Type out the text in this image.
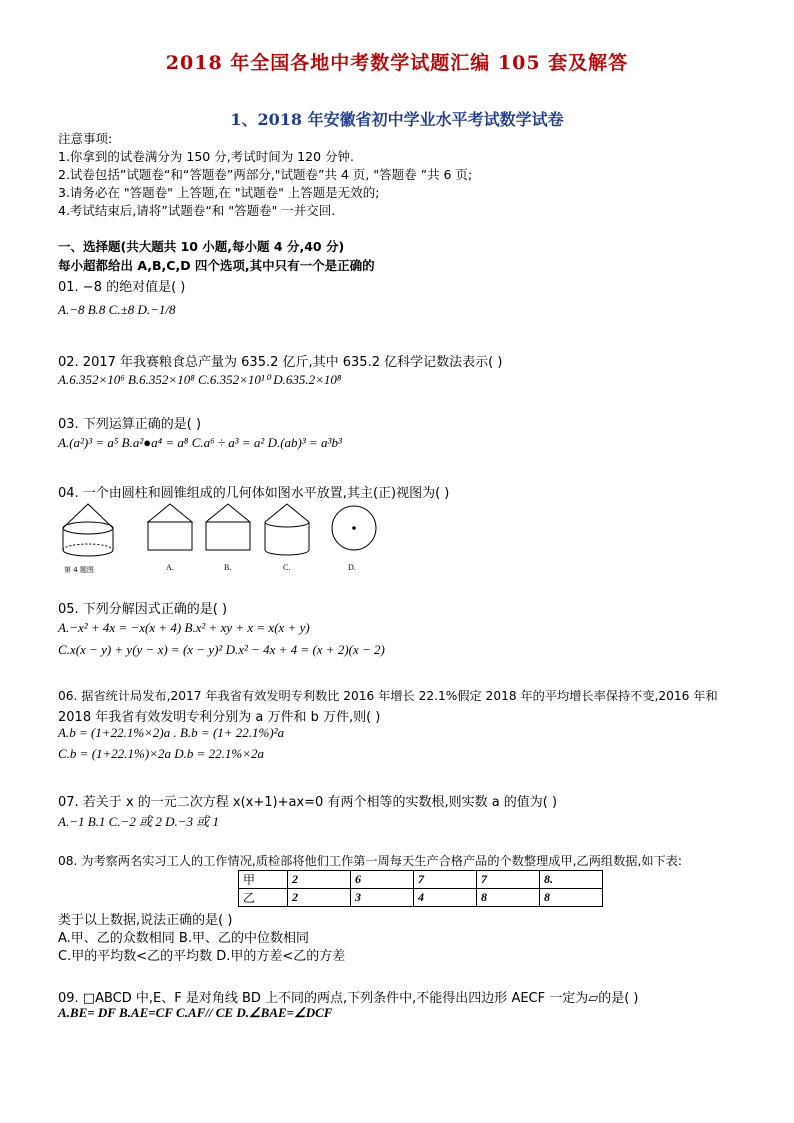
2018 年全国各地中考数学试题汇编 105 套及解答
1、2018 年安徽省初中学业水平考试数学试卷
注意事项:
1.你拿到的试卷满分为 150 分,考试时间为 120 分钟.
2.试卷包括”试题卷“和“答题卷”两部分,"试题卷”共 4 页, "答题卷 ”共 6 页;
3.请务必在 "答题卷" 上答题,在 "试题卷" 上答题是无效的;
4.考试结束后,请将”试题卷“和 "答题卷" 一并交回.
一、选择题(共大题共 10 小题,每小题 4 分,40 分)
每小超都给出 A,B,C,D 四个选项,其中只有一个是正确的
01. −8 的绝对值是( )
A.−8 B.8 C.±8 D.−1/8
02. 2017 年我赛粮食总产量为 635.2 亿斤,其中 635.2 亿科学记数法表示( )
A.6.352×10⁶ B.6.352×10⁸ C.6.352×10¹⁰ D.635.2×10⁸
03. 下列运算正确的是( )
A.(a²)³ = a⁵ B.a²●a⁴ = a⁸ C.a⁶ ÷ a³ = a² D.(ab)³ = a³b³
04. 一个由圆柱和圆锥组成的几何体如图水平放置,其主(正)视图为( )
第 4 题图	A.	B.	C.	D.
05. 下列分解因式正确的是( )
A.−x² + 4x = −x(x + 4) B.x² + xy + x = x(x + y)
C.x(x − y) + y(y − x) = (x − y)² D.x² − 4x + 4 = (x + 2)(x − 2)
06. 据省统计局发布,2017 年我省有效发明专利数比 2016 年增长 22.1%假定 2018 年的平均增长率保持不变,2016 年和
2018 年我省有效发明专利分别为 a 万件和 b 万件,则( )
A.b = (1+22.1%×2)a . B.b = (1+ 22.1%)²a
C.b = (1+22.1%)×2a D.b = 22.1%×2a
07. 若关于 x 的一元二次方程 x(x+1)+ax=0 有两个相等的实数根,则实数 a 的值为( )
A.−1 B.1 C.−2 或 2 D.−3 或 1
08. 为考察两名实习工人的工作情况,质检部将他们工作第一周每天生产合格产品的个数整理成甲,乙两组数据,如下表:
甲	2	6	7	7	8.
乙	2	3	4	8	8
类于以上数据,说法正确的是( )
A.甲、乙的众数相同 B.甲、乙的中位数相同
C.甲的平均数<乙的平均数 D.甲的方差<乙的方差
09. □ABCD 中,E、F 是对角线 BD 上不同的两点,下列条件中,不能得出四边形 AECF 一定为▱的是( )
A.BE= DF B.AE=CF C.AF// CE D.∠BAE=∠DCF
